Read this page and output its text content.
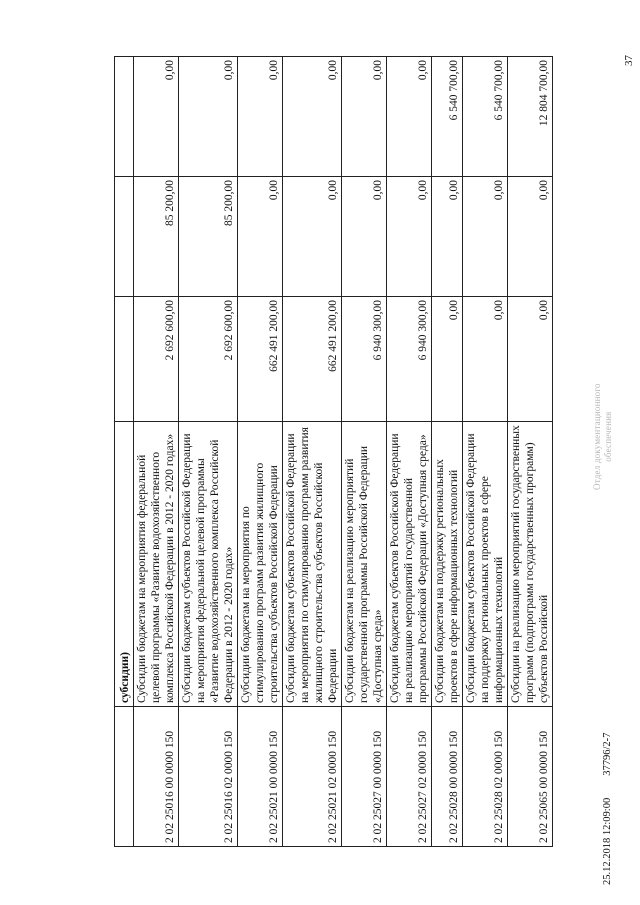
37
	субсидии)			
2 02 25016 00 0000 150	Субсидии бюджетам на мероприятия федеральной целевой программы «Развитие водохозяйственного комплекса Российской Федерации в 2012 - 2020 годах»	2 692 600,00	85 200,00	0,00
2 02 25016 02 0000 150	Субсидии бюджетам субъектов Российской Федерации на мероприятия федеральной целевой программы «Развитие водохозяйственного комплекса Российской Федерации в 2012 - 2020 годах»	2 692 600,00	85 200,00	0,00
2 02 25021 00 0000 150	Субсидии бюджетам на мероприятия по стимулированию программ развития жилищного строительства субъектов Российской Федерации	662 491 200,00	0,00	0,00
2 02 25021 02 0000 150	Субсидии бюджетам субъектов Российской Федерации на мероприятия по стимулированию программ развития жилищного строительства субъектов Российской Федерации	662 491 200,00	0,00	0,00
2 02 25027 00 0000 150	Субсидии бюджетам на реализацию мероприятий государственной программы Российской Федерации «Доступная среда»	6 940 300,00	0,00	0,00
2 02 25027 02 0000 150	Субсидии бюджетам субъектов Российской Федерации на реализацию мероприятий государственной программы Российской Федерации «Доступная среда»	6 940 300,00	0,00	0,00
2 02 25028 00 0000 150	Субсидии бюджетам на поддержку региональных проектов в сфере информационных технологий	0,00	0,00	6 540 700,00
2 02 25028 02 0000 150	Субсидии бюджетам субъектов Российской Федерации на поддержку региональных проектов в сфере информационных технологий	0,00	0,00	6 540 700,00
2 02 25065 00 0000 150	Субсидии на реализацию мероприятий государственных программ (подпрограмм государственных программ) субъектов Российской	0,00	0,00	12 804 700,00
Отдел документационного обеспечения
25.12.2018 12:09:0037796/2-7
